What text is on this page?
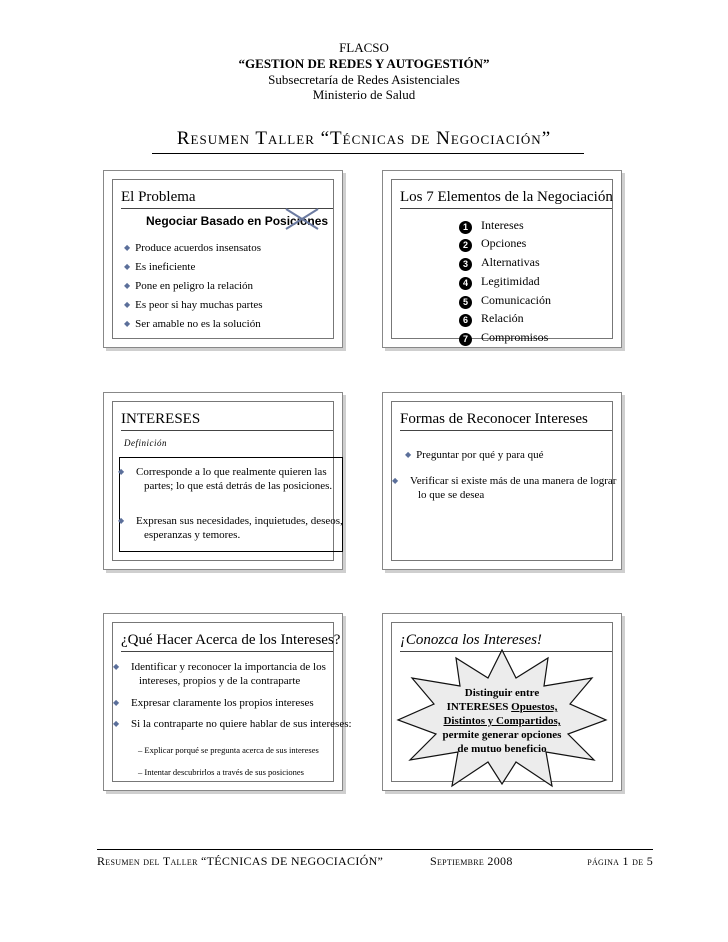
FLACSO
“GESTION DE REDES Y AUTOGESTIÓN”
Subsecretaría de Redes Asistenciales
Ministerio de Salud
Resumen Taller “Técnicas de Negociación”
El Problema
Negociar Basado en Posiciones
◆ Produce acuerdos insensatos
◆ Es ineficiente
◆ Pone en peligro la relación
◆ Es peor si hay muchas partes
◆ Ser amable no es la solución
Los 7 Elementos de la Negociación
1 Intereses
2 Opciones
3 Alternativas
4 Legitimidad
5 Comunicación
6 Relación
7 Compromisos
INTERESES
Definición
◆ Corresponde a lo que realmente quieren las partes; lo que está detrás de las posiciones.
◆ Expresan sus necesidades, inquietudes, deseos, esperanzas y temores.
Formas de Reconocer Intereses
◆ Preguntar por qué y para qué
◆ Verificar si existe más de una manera de lograr lo que se desea
¿Qué Hacer Acerca de los Intereses?
◆ Identificar y reconocer la importancia de los intereses, propios y de la contraparte
◆ Expresar claramente los propios intereses
◆ Si la contraparte no quiere hablar de sus intereses:
– Explicar porqué se pregunta acerca de sus intereses
– Intentar descubrirlos a través de sus posiciones
¡Conozca los Intereses!
Distinguir entre
INTERESES Opuestos,
Distintos y Compartidos,
permite generar opciones
de mutuo beneficio
Resumen del Taller “TÉCNICAS DE NEGOCIACIÓN”	Septiembre 2008	página 1 de 5
